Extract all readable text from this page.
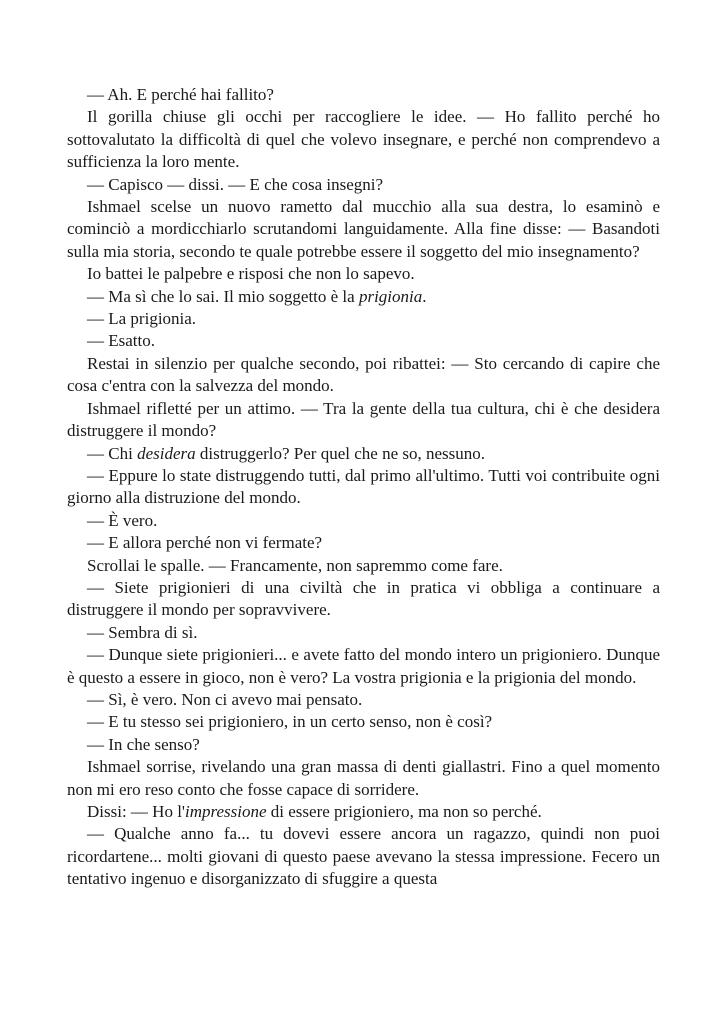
— Ah. E perché hai fallito?

Il gorilla chiuse gli occhi per raccogliere le idee. — Ho fallito perché ho sottovalutato la difficoltà di quel che volevo insegnare, e perché non comprendevo a sufficienza la loro mente.

— Capisco — dissi. — E che cosa insegni?

Ishmael scelse un nuovo rametto dal mucchio alla sua destra, lo esaminò e cominciò a mordicchiarlo scrutandomi languidamente. Alla fine disse: — Basandoti sulla mia storia, secondo te quale potrebbe essere il soggetto del mio insegnamento?

Io battei le palpebre e risposi che non lo sapevo.

— Ma sì che lo sai. Il mio soggetto è la prigionia.

— La prigionia.

— Esatto.

Restai in silenzio per qualche secondo, poi ribattei: — Sto cercando di capire che cosa c'entra con la salvezza del mondo.

Ishmael rifletté per un attimo. — Tra la gente della tua cultura, chi è che desidera distruggere il mondo?

— Chi desidera distruggerlo? Per quel che ne so, nessuno.

— Eppure lo state distruggendo tutti, dal primo all'ultimo. Tutti voi contribuite ogni giorno alla distruzione del mondo.

— È vero.

— E allora perché non vi fermate?

Scrollai le spalle. — Francamente, non sapremmo come fare.

— Siete prigionieri di una civiltà che in pratica vi obbliga a continuare a distruggere il mondo per sopravvivere.

— Sembra di sì.

— Dunque siete prigionieri... e avete fatto del mondo intero un prigioniero. Dunque è questo a essere in gioco, non è vero? La vostra prigionia e la prigionia del mondo.

— Sì, è vero. Non ci avevo mai pensato.

— E tu stesso sei prigioniero, in un certo senso, non è così?

— In che senso?

Ishmael sorrise, rivelando una gran massa di denti giallastri. Fino a quel momento non mi ero reso conto che fosse capace di sorridere.

Dissi: — Ho l'impressione di essere prigioniero, ma non so perché.

— Qualche anno fa... tu dovevi essere ancora un ragazzo, quindi non puoi ricordartene... molti giovani di questo paese avevano la stessa impressione. Fecero un tentativo ingenuo e disorganizzato di sfuggire a questa
